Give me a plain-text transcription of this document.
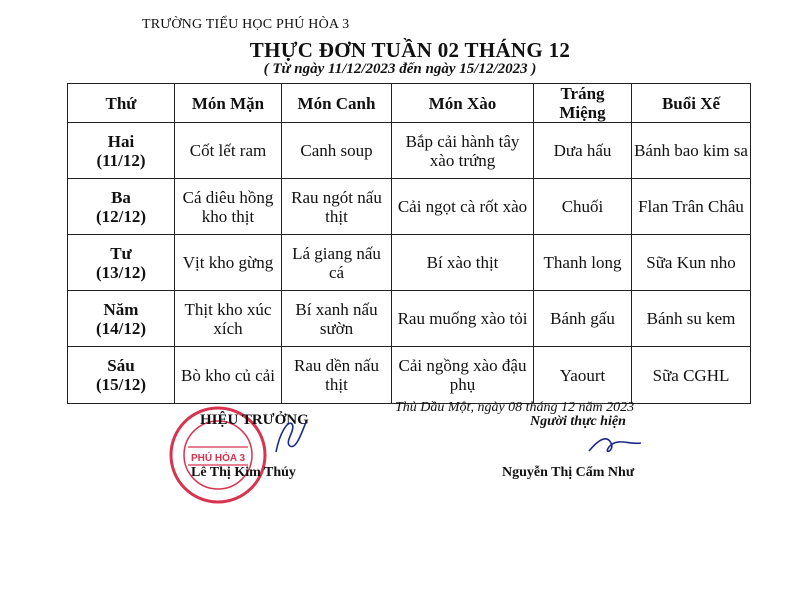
TRƯỜNG TIỂU HỌC PHÚ HÒA 3
THỰC ĐƠN TUẦN 02 THÁNG 12
( Từ ngày 11/12/2023 đến ngày 15/12/2023 )
Thứ	Món Mặn	Món Canh	Món Xào	Tráng Miệng	Buổi Xế

Hai
(11/12)	Cốt lết ram	Canh soup	Bắp cải hành tây xào trứng	Dưa hấu	Bánh bao kim sa

Ba
(12/12)	Cá diêu hồng kho thịt	Rau ngót nấu thịt	Cải ngọt cà rốt xào	Chuối	Flan Trân Châu

Tư
(13/12)	Vịt kho gừng	Lá giang nấu cá	Bí xào thịt	Thanh long	Sữa Kun nho

Năm
(14/12)	Thịt kho xúc xích	Bí xanh nấu sườn	Rau muống xào tỏi	Bánh gấu	Bánh su kem

Sáu
(15/12)	Bò kho củ cải	Rau dền nấu thịt	Cải ngồng xào đậu phụ	Yaourt	Sữa CGHL
Thủ Dầu Một, ngày 08 tháng 12 năm 2023
PHÚ HÒA 3
HIỆU TRƯỞNG	Người thực hiện
Lê Thị Kim Thúy	Nguyễn Thị Cẩm Như
